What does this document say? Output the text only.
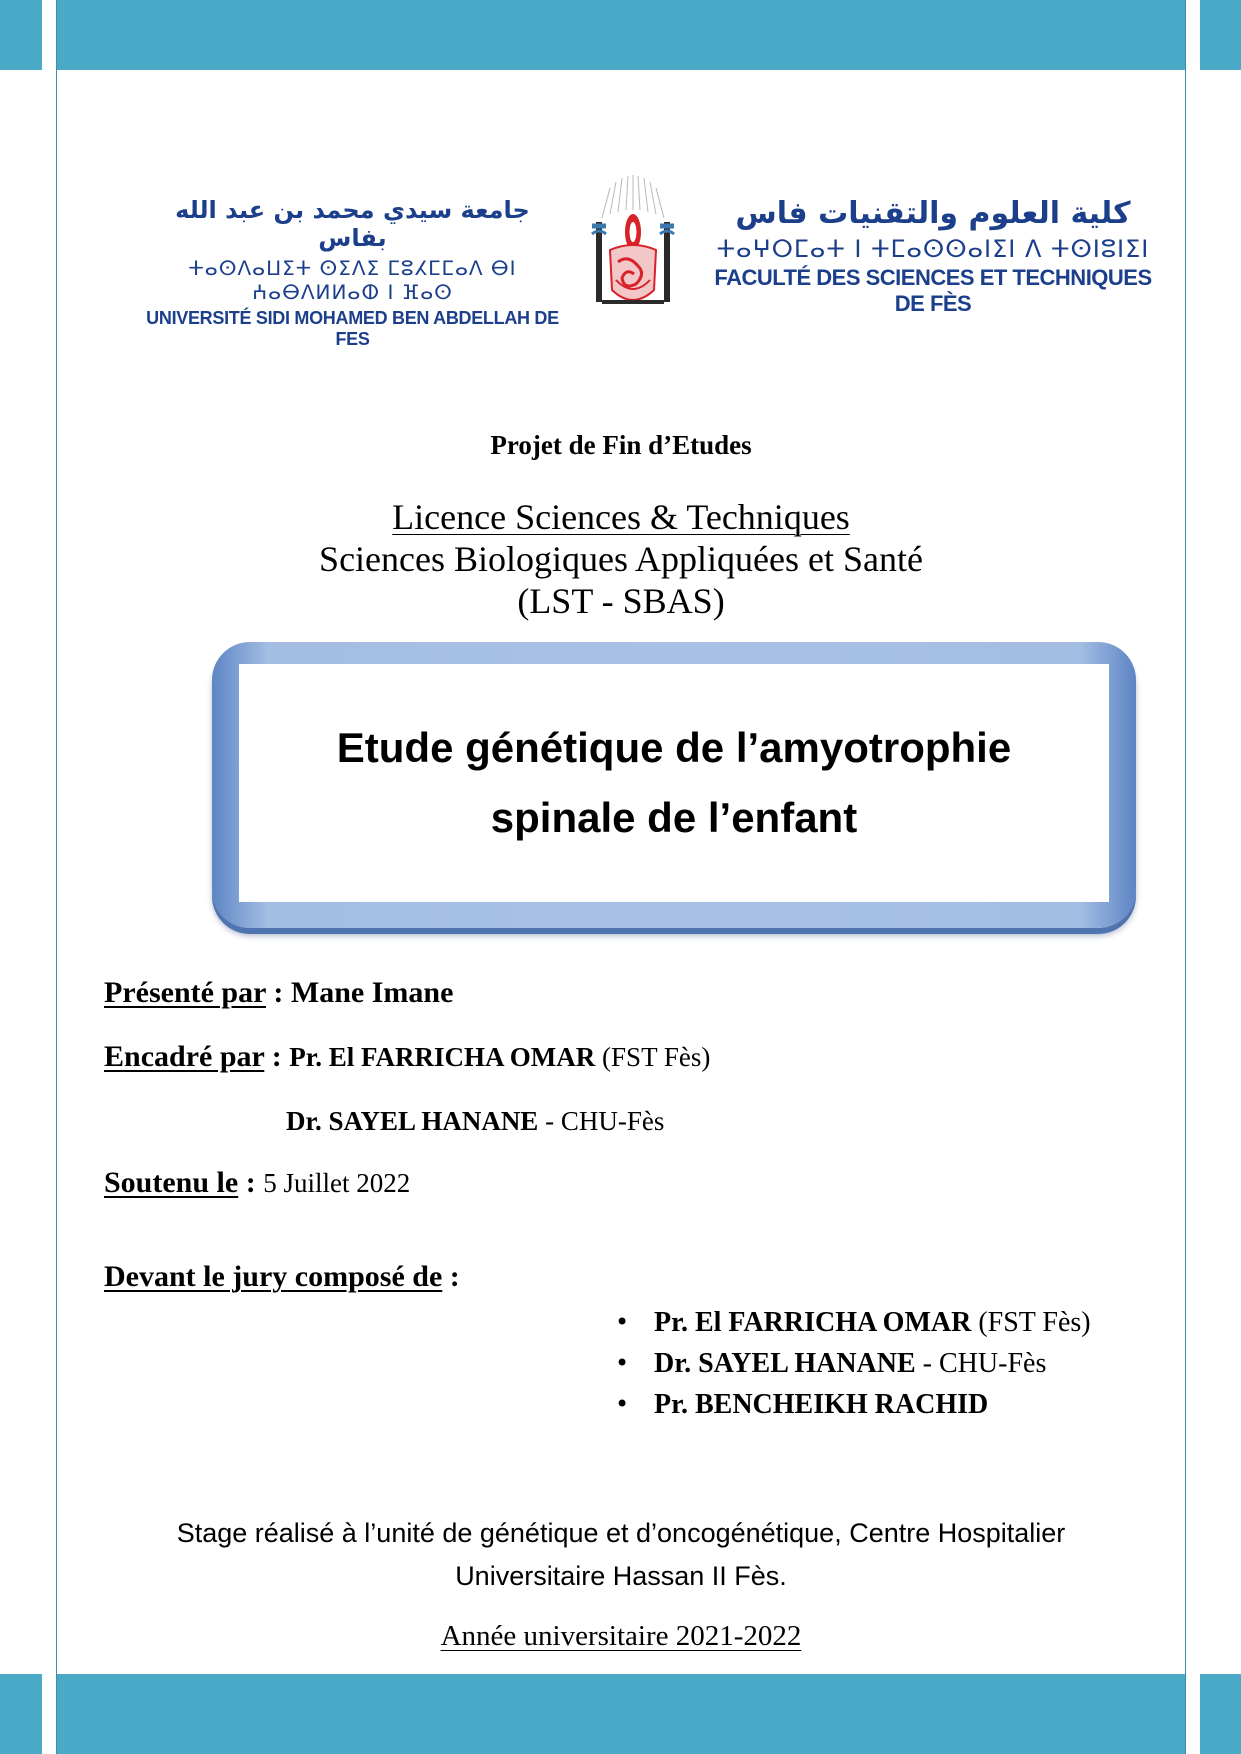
جامعة سيدي محمد بن عبد الله بفاس
ⵜⴰⵙⴷⴰⵡⵉⵜ ⵙⵉⴷⵉ ⵎⵓⵃⵎⵎⴰⴷ ⴱⵏ ⵄⴰⴱⴷⵍⵍⴰⵀ ⵏ ⴼⴰⵙ
UNIVERSITÉ SIDI MOHAMED BEN ABDELLAH DE FES
كلية العلوم والتقنيات فاس
ⵜⴰⵖⵔⵎⴰⵜ ⵏ ⵜⵎⴰⵙⵙⴰⵏⵉⵏ ⴷ ⵜⵙⵏⵓⵏⵉⵏ
FACULTÉ DES SCIENCES ET TECHNIQUES DE FÈS
Projet de Fin d’Etudes
Licence Sciences & Techniques
Sciences Biologiques Appliquées et Santé
(LST - SBAS)
Etude génétique de l’amyotrophie
spinale de l’enfant
Présenté par : Mane Imane
Encadré par : Pr. El FARRICHA OMAR (FST Fès)
Dr. SAYEL HANANE - CHU-Fès
Soutenu le : 5 Juillet 2022
Devant le jury composé de :
• Pr. El FARRICHA OMAR (FST Fès)
• Dr. SAYEL HANANE - CHU-Fès
• Pr. BENCHEIKH RACHID
Stage réalisé à l’unité de génétique et d’oncogénétique, Centre Hospitalier
Universitaire Hassan II Fès.
Année universitaire 2021-2022
